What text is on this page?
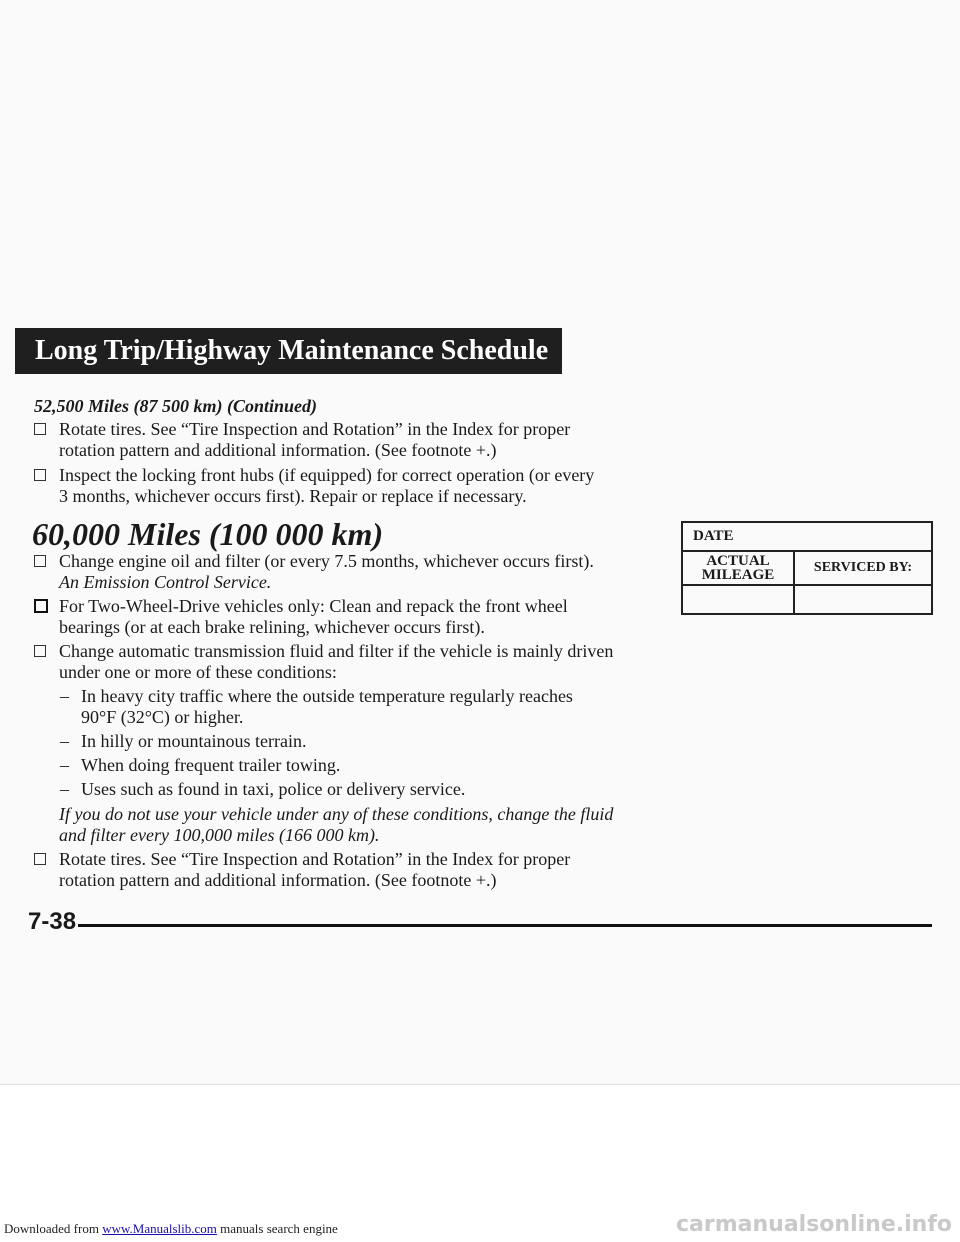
Long Trip/Highway Maintenance Schedule
52,500 Miles (87 500 km) (Continued)
Rotate tires. See “Tire Inspection and Rotation” in the Index for proper
rotation pattern and additional information. (See footnote +.)
Inspect the locking front hubs (if equipped) for correct operation (or every
3 months, whichever occurs first). Repair or replace if necessary.
60,000 Miles (100 000 km)
Change engine oil and filter (or every 7.5 months, whichever occurs first).
An Emission Control Service.
For Two-Wheel-Drive vehicles only: Clean and repack the front wheel
bearings (or at each brake relining, whichever occurs first).
Change automatic transmission fluid and filter if the vehicle is mainly driven
under one or more of these conditions:
– In heavy city traffic where the outside temperature regularly reaches
90°F (32°C) or higher.
– In hilly or mountainous terrain.
– When doing frequent trailer towing.
– Uses such as found in taxi, police or delivery service.
If you do not use your vehicle under any of these conditions, change the fluid
and filter every 100,000 miles (166 000 km).
Rotate tires. See “Tire Inspection and Rotation” in the Index for proper
rotation pattern and additional information. (See footnote +.)
DATE	

ACTUAL
MILEAGE	SERVICED BY:

7-38
Downloaded from www.Manualslib.com manuals search engine	carmanualsonline.info
